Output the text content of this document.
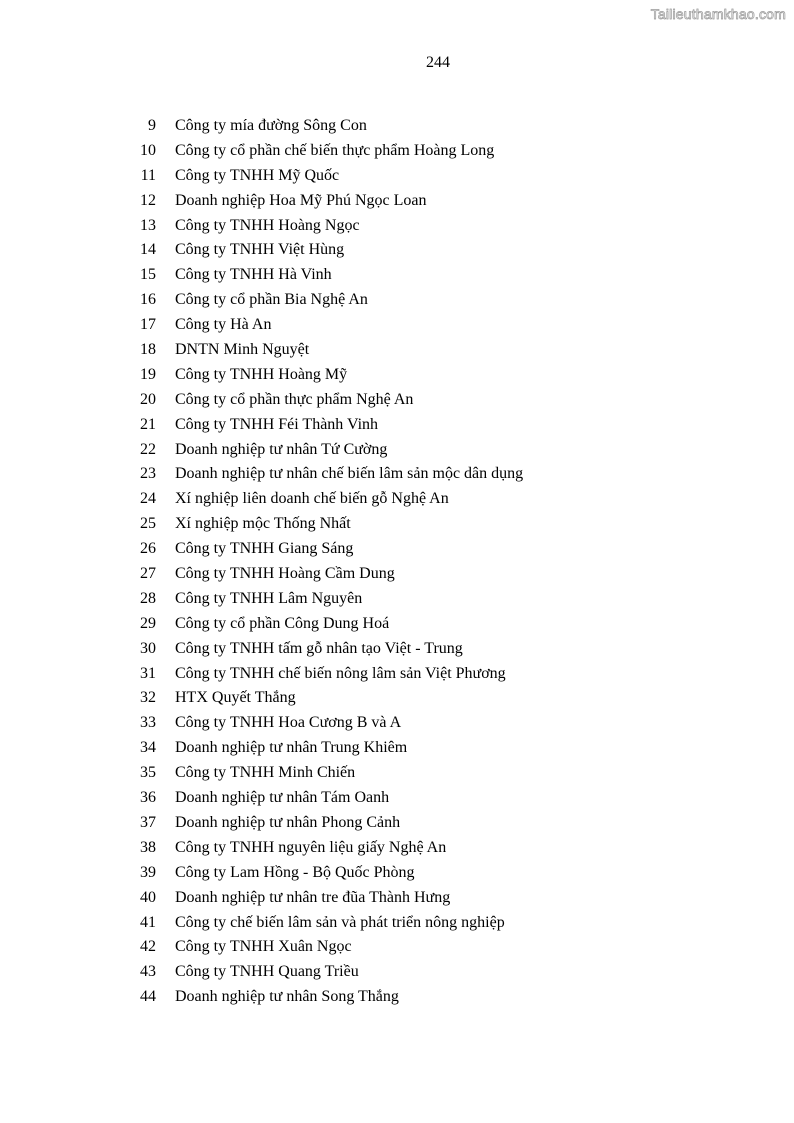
Tailieuthamkhao.com
244
9 Công ty mía đường Sông Con
10 Công ty cổ phần chế biến thực phẩm Hoàng Long
11 Công ty TNHH Mỹ Quốc
12 Doanh nghiệp Hoa Mỹ Phú Ngọc Loan
13 Công ty TNHH Hoàng Ngọc
14 Công ty TNHH Việt Hùng
15 Công ty TNHH Hà Vinh
16 Công ty cổ phần Bia Nghệ An
17 Công ty Hà An
18 DNTN Minh Nguyệt
19 Công ty TNHH Hoàng Mỹ
20 Công ty cổ phần thực phẩm Nghệ An
21 Công ty TNHH Féi Thành Vinh
22 Doanh nghiệp tư nhân Tứ Cường
23 Doanh nghiệp tư nhân chế biến lâm sản mộc dân dụng
24 Xí nghiệp liên doanh chế biến gỗ Nghệ An
25 Xí nghiệp mộc Thống Nhất
26 Công ty TNHH Giang Sáng
27 Công ty TNHH Hoàng Cầm Dung
28 Công ty TNHH Lâm Nguyên
29 Công ty cổ phần Công Dung Hoá
30 Công ty TNHH tấm gỗ nhân tạo Việt - Trung
31 Công ty TNHH chế biến nông lâm sản Việt Phương
32 HTX Quyết Thắng
33 Công ty TNHH Hoa Cương B và A
34 Doanh nghiệp tư nhân Trung Khiêm
35 Công ty TNHH Minh Chiến
36 Doanh nghiệp tư nhân Tám Oanh
37 Doanh nghiệp tư nhân Phong Cảnh
38 Công ty TNHH nguyên liệu giấy Nghệ An
39 Công ty Lam Hồng - Bộ Quốc Phòng
40 Doanh nghiệp tư nhân tre đũa Thành Hưng
41 Công ty chế biến lâm sản và phát triển nông nghiệp
42 Công ty TNHH Xuân Ngọc
43 Công ty TNHH Quang Triều
44 Doanh nghiệp tư nhân Song Thắng
